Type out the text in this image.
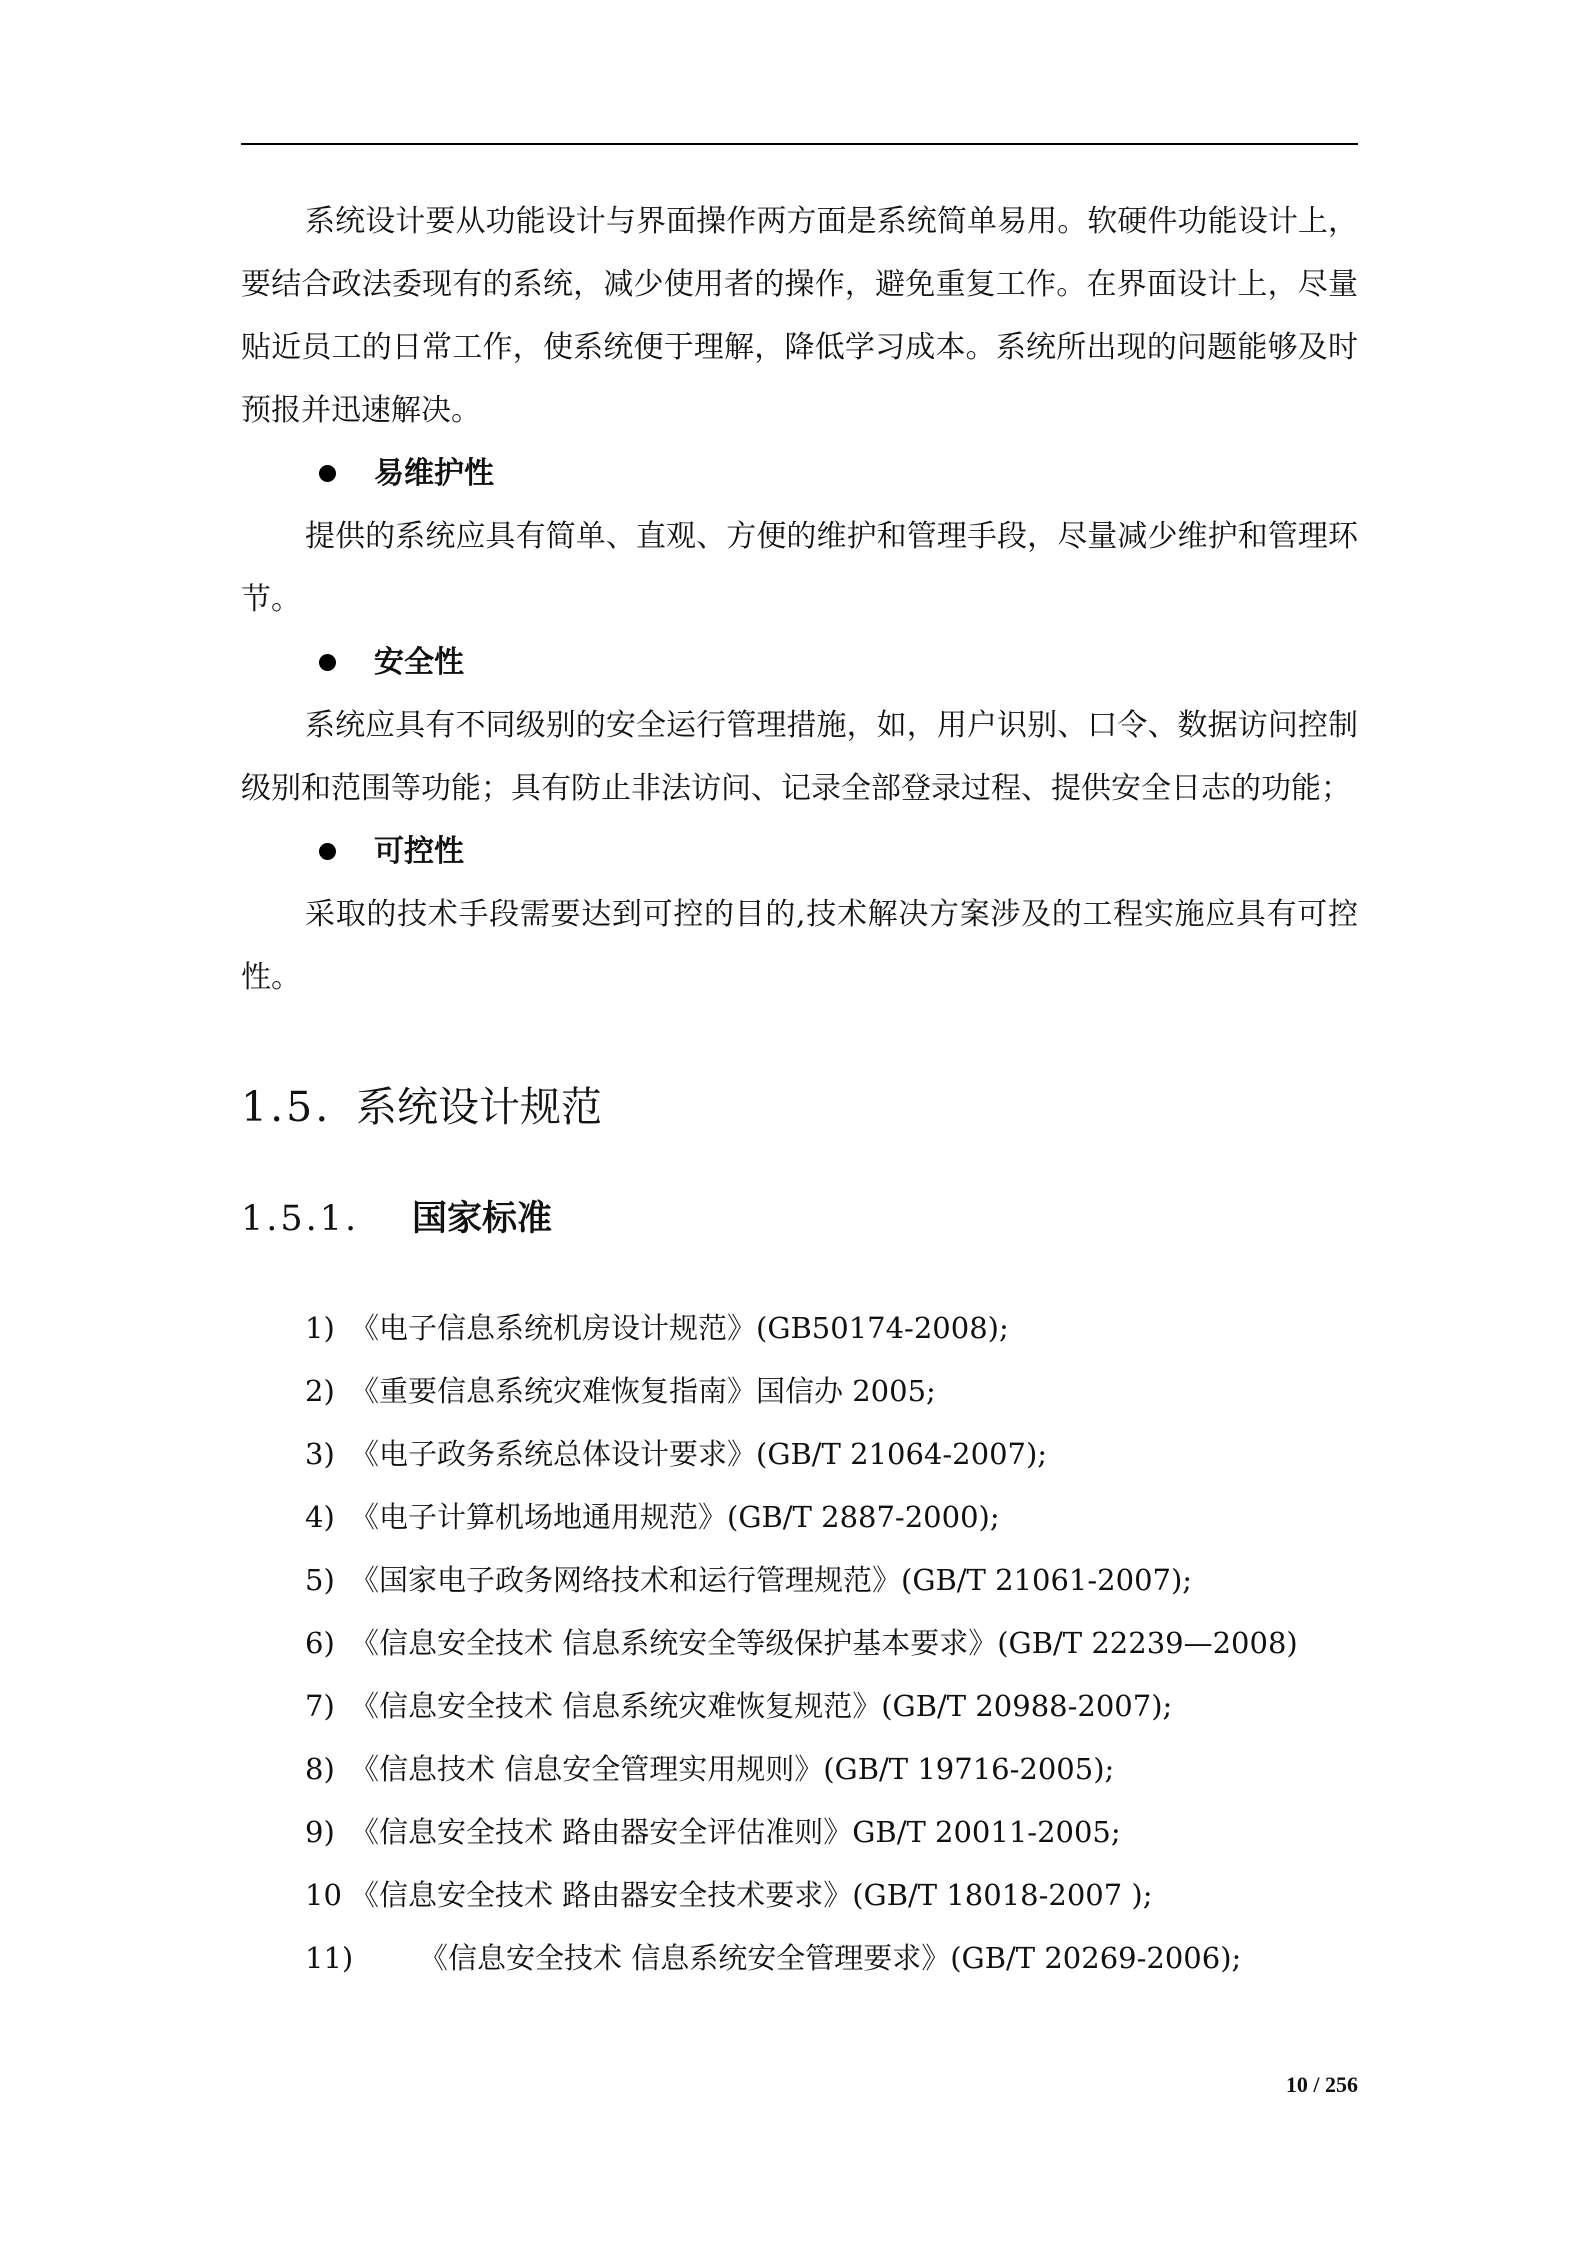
系统设计要从功能设计与界面操作两方面是系统简单易用。软硬件功能设计上，要结合政法委现有的系统，减少使用者的操作，避免重复工作。在界面设计上，尽量贴近员工的日常工作，使系统便于理解，降低学习成本。系统所出现的问题能够及时预报并迅速解决。

易维护性

提供的系统应具有简单、直观、方便的维护和管理手段，尽量减少维护和管理环节。

安全性

系统应具有不同级别的安全运行管理措施，如，用户识别、口令、数据访问控制级别和范围等功能；具有防止非法访问、记录全部登录过程、提供安全日志的功能；

可控性

采取的技术手段需要达到可控的目的,技术解决方案涉及的工程实施应具有可控性。

1.5. 系统设计规范
1.5.1. 国家标准
1) 《电子信息系统机房设计规范》(GB50174-2008);
2) 《重要信息系统灾难恢复指南》国信办 2005;
3) 《电子政务系统总体设计要求》(GB/T 21064-2007);
4) 《电子计算机场地通用规范》(GB/T 2887-2000);
5) 《国家电子政务网络技术和运行管理规范》(GB/T 21061-2007);
6) 《信息安全技术 信息系统安全等级保护基本要求》(GB/T 22239—2008)
7) 《信息安全技术 信息系统灾难恢复规范》(GB/T 20988-2007);
8) 《信息技术 信息安全管理实用规则》(GB/T 19716-2005);
9) 《信息安全技术 路由器安全评估准则》GB/T 20011-2005;
10 《信息安全技术 路由器安全技术要求》(GB/T 18018-2007 );
11) 《信息安全技术 信息系统安全管理要求》(GB/T 20269-2006);
10 / 256
